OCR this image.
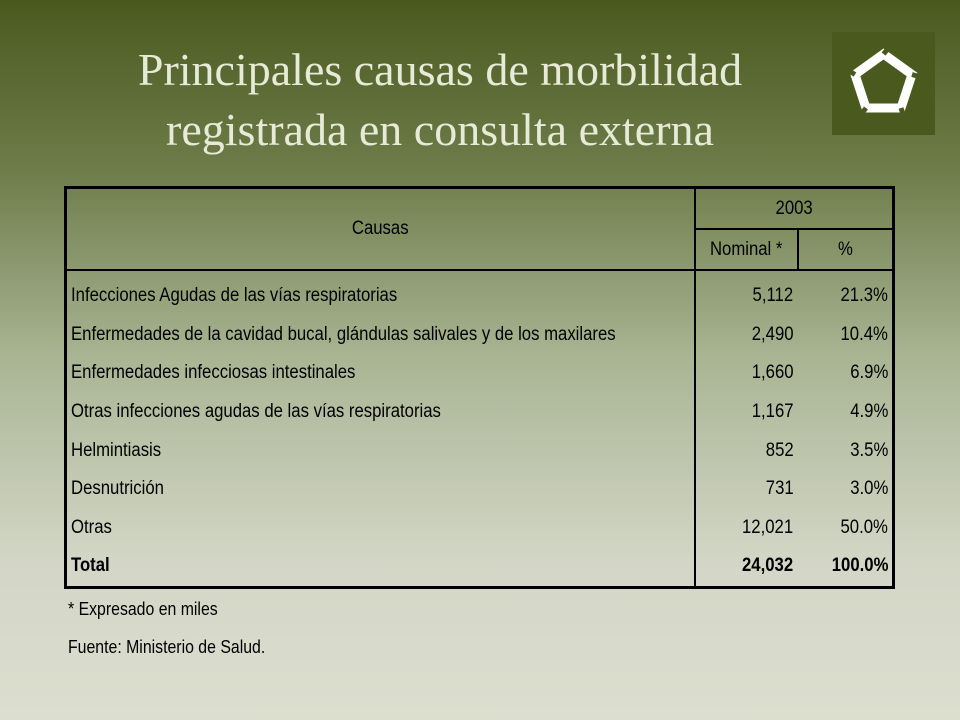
Principales causas de morbilidad
registrada en consulta externa
Causas	2003	
	Nominal *	%
Infecciones Agudas de las vías respiratorias	5,112	21.3%
Enfermedades de la cavidad bucal, glándulas salivales y de los maxilares	2,490	10.4%
Enfermedades infecciosas intestinales	1,660	6.9%
Otras infecciones agudas de las vías respiratorias	1,167	4.9%
Helmintiasis	852	3.5%
Desnutrición	731	3.0%
Otras	12,021	50.0%
Total	24,032	100.0%
* Expresado en miles
Fuente: Ministerio de Salud.
